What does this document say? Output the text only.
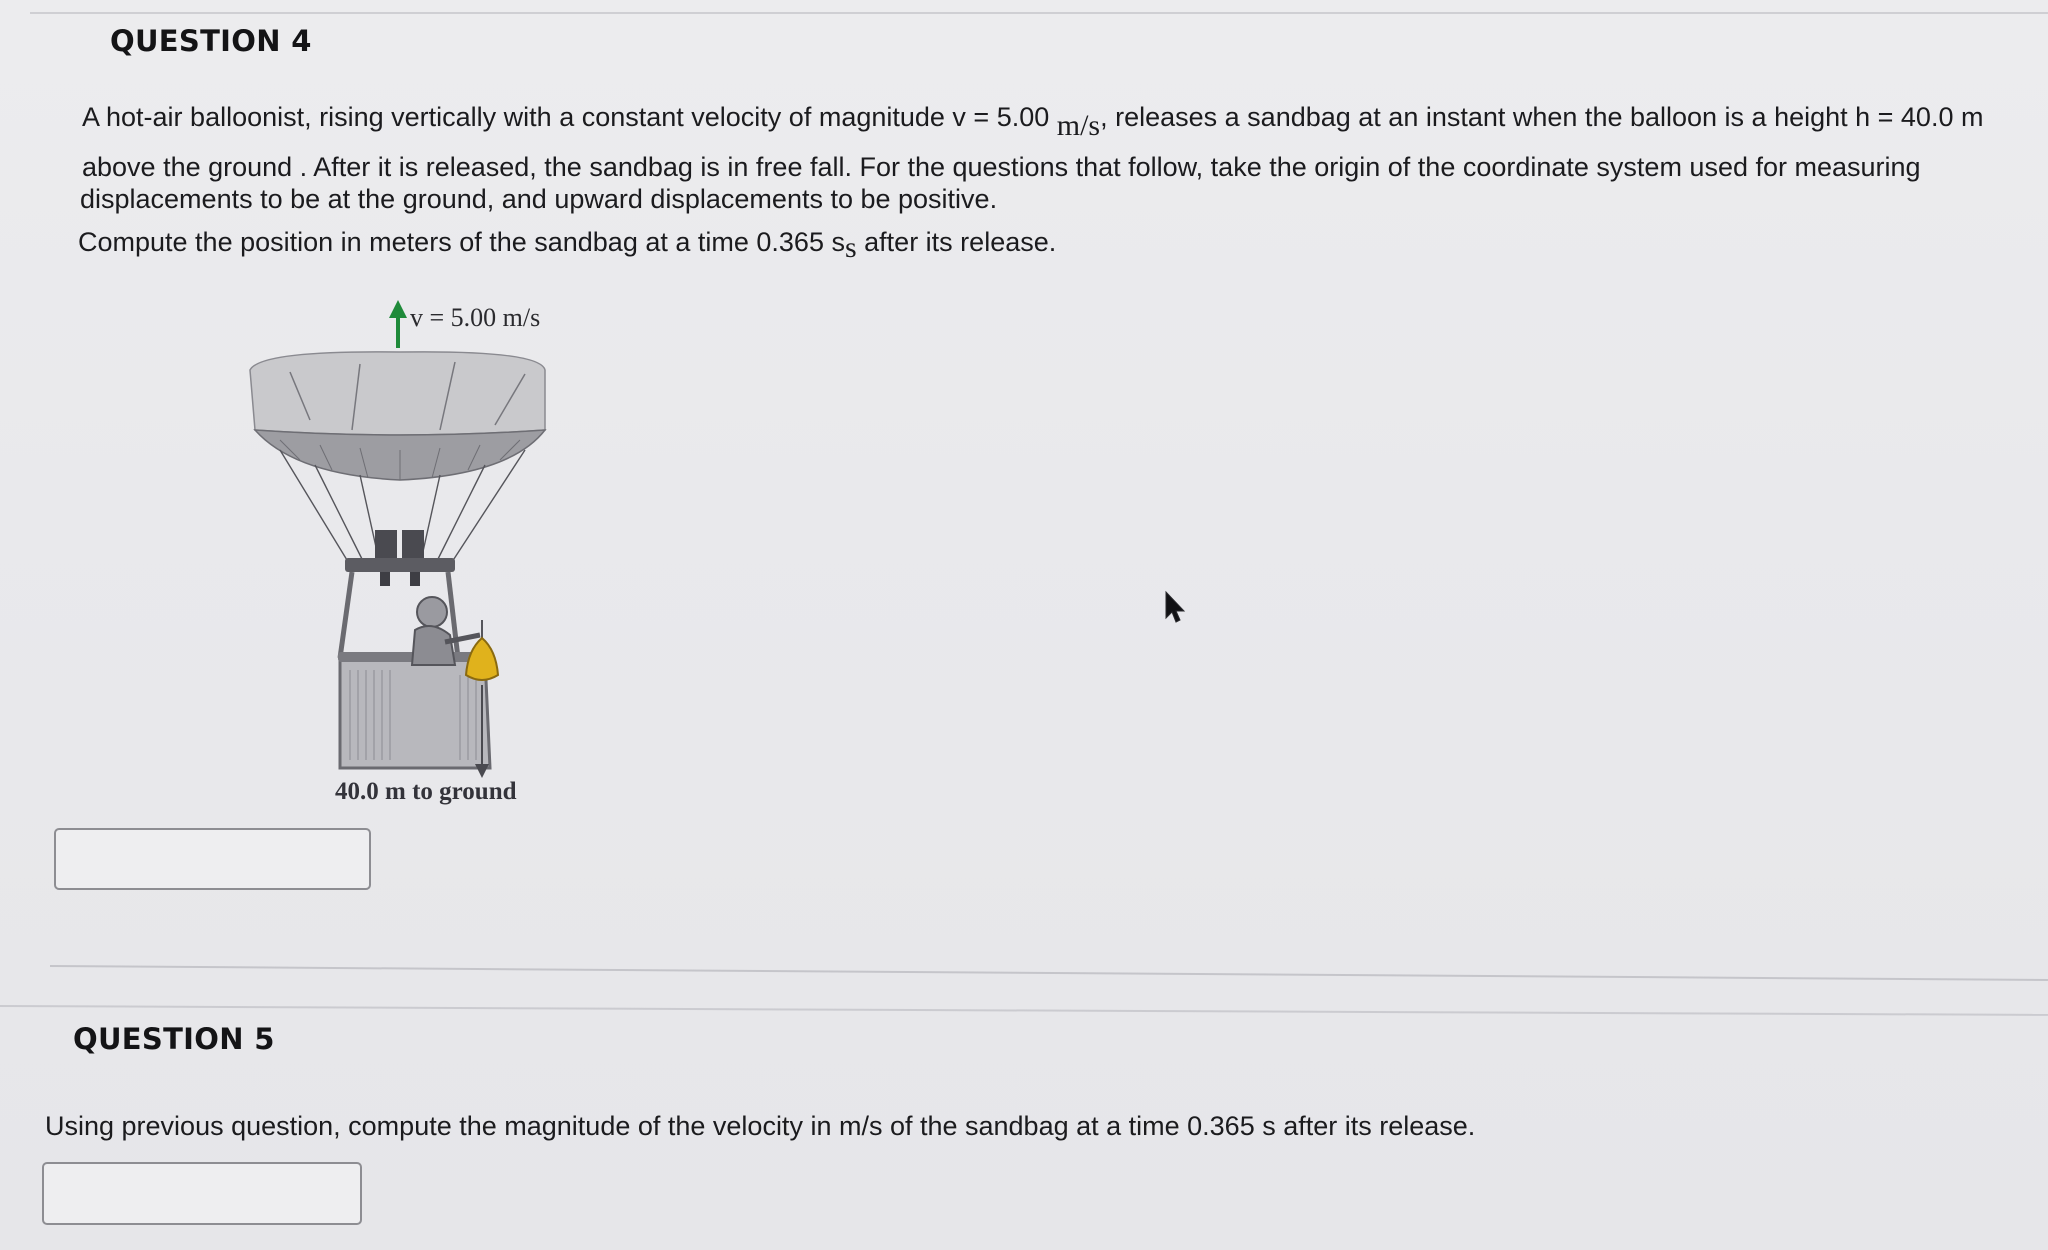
QUESTION 4
A hot-air balloonist, rising vertically with a constant velocity of magnitude v = 5.00 m/s, releases a sandbag at an instant when the balloon is a height h = 40.0 m
above the ground . After it is released, the sandbag is in free fall. For the questions that follow, take the origin of the coordinate system used for measuring
displacements to be at the ground, and upward displacements to be positive.
Compute the position in meters of the sandbag at a time 0.365 ss after its release.
v = 5.00 m/s
40.0 m to ground
QUESTION 5
Using previous question, compute the magnitude of the velocity in m/s of the sandbag at a time 0.365 s after its release.
